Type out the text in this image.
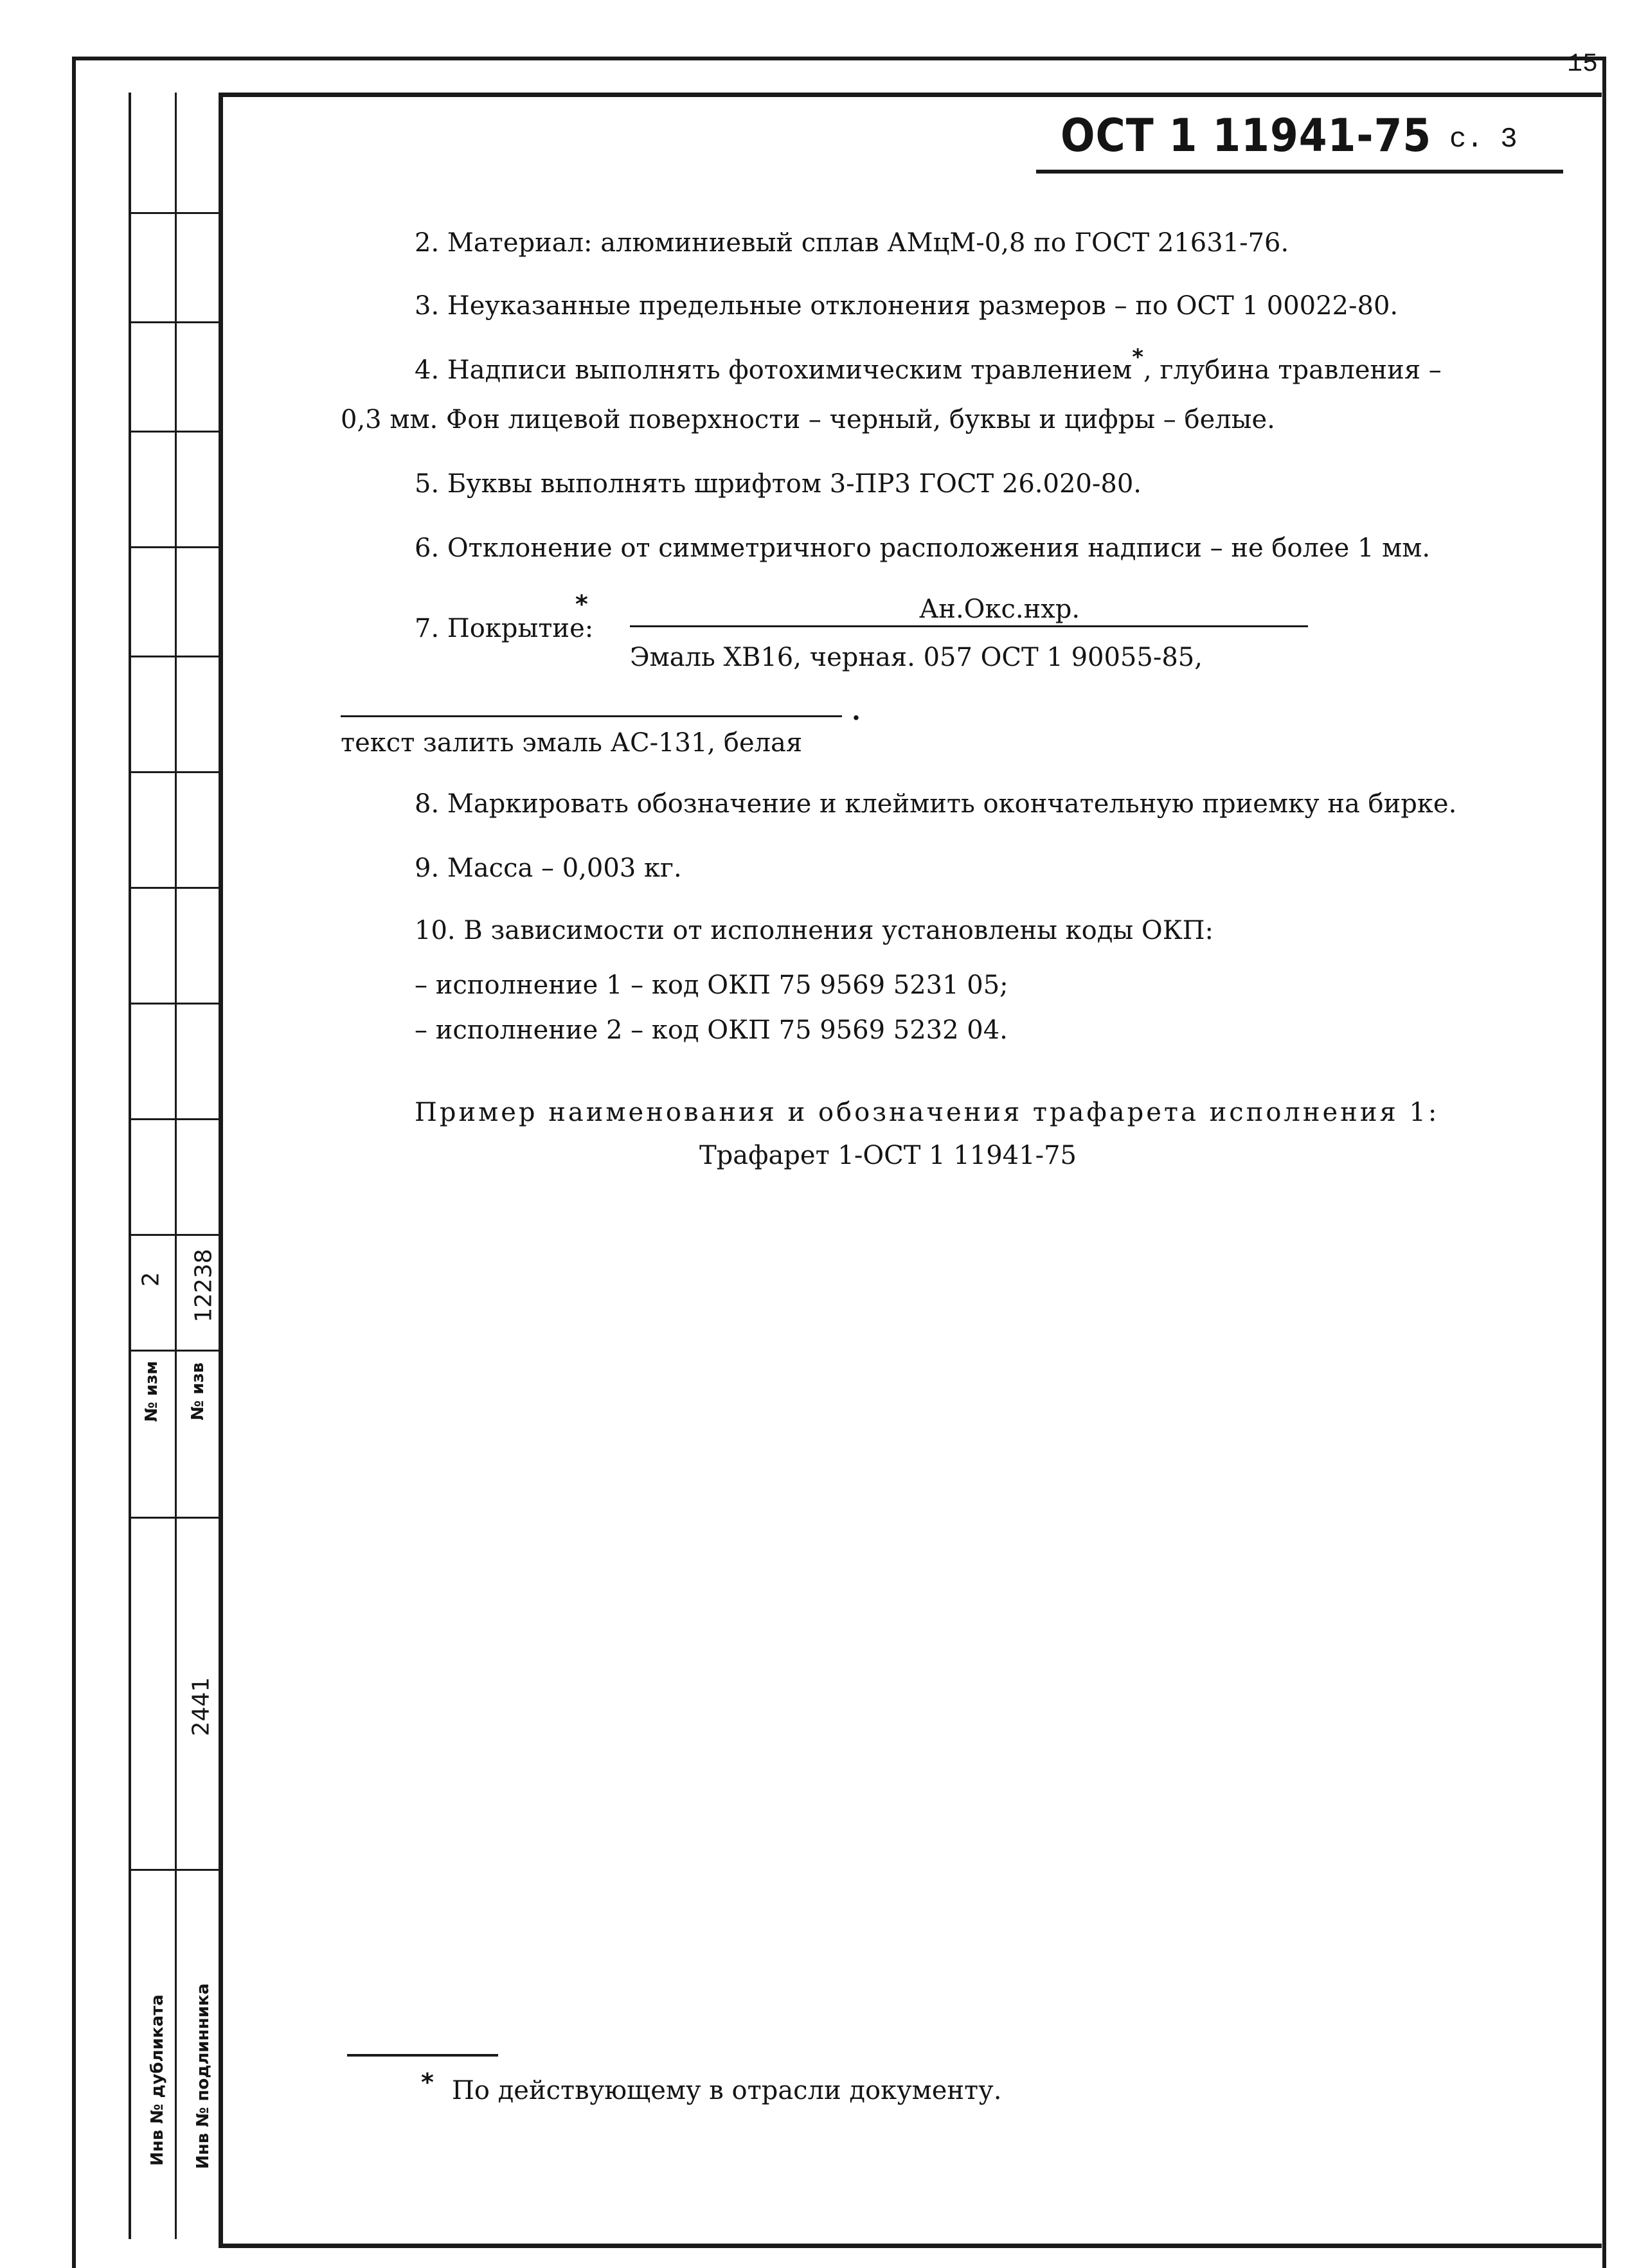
15
№ изм
2
№ изв
12238
2441
Инв № дубликата Инв № подлинника
ОСТ 1 11941-75 с. 3
2. Материал: алюминиевый сплав АМцМ-0,8 по ГОСТ 21631-76.
3. Неуказанные предельные отклонения размеров – по ОСТ 1 00022-80.
4. Надписи выполнять фотохимическим травлением*, глубина травления –
0,3 мм. Фон лицевой поверхности – черный, буквы и цифры – белые.
5. Буквы выполнять шрифтом 3-ПР3 ГОСТ 26.020-80.
6. Отклонение от симметричного расположения надписи – не более 1 мм.
7. Покрытие:
*	Ан.Окс.нхр.
Эмаль ХВ16, черная. 057 ОСТ 1 90055-85,
.
текст залить эмаль АС-131, белая
8. Маркировать обозначение и клеймить окончательную приемку на бирке.
9. Масса – 0,003 кг.
10. В зависимости от исполнения установлены коды ОКП:
– исполнение 1 – код ОКП 75 9569 5231 05;
– исполнение 2 – код ОКП 75 9569 5232 04.
Пример наименования и обозначения трафарета исполнения 1:
Трафарет 1-ОСТ 1 11941-75
* По действующему в отрасли документу.
